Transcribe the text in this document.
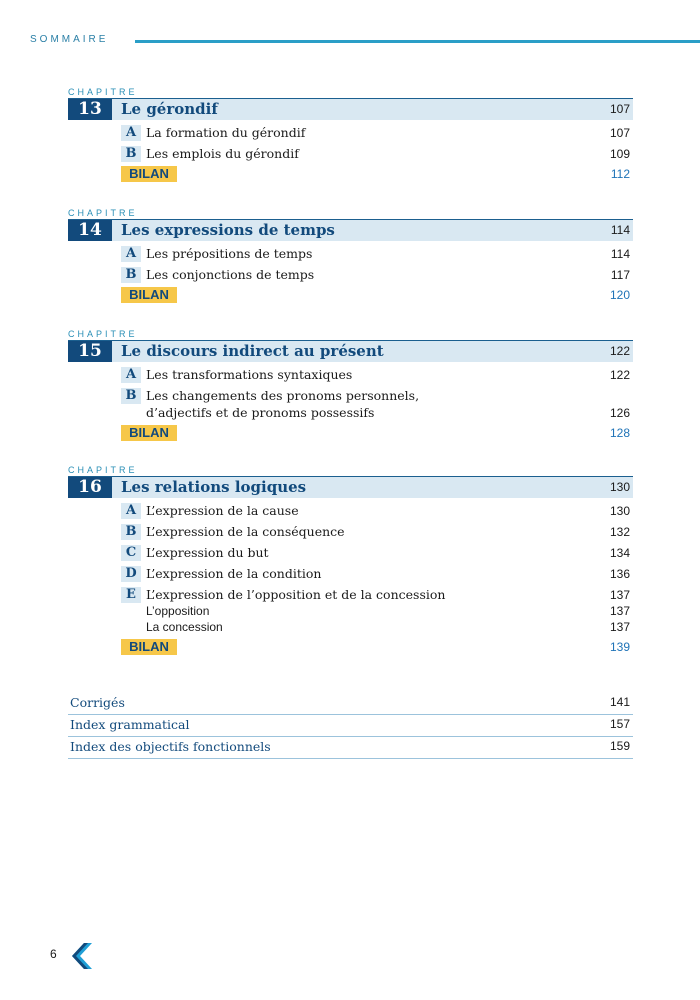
SOMMAIRE
CHAPITRE
13	Le gérondif	107
A La formation du gérondif	107
B Les emplois du gérondif	109
BILAN	112
CHAPITRE
14	Les expressions de temps	114
A Les prépositions de temps	114
B Les conjonctions de temps	117
BILAN	120
CHAPITRE
15	Le discours indirect au présent	122
A Les transformations syntaxiques	122
B Les changements des pronoms personnels,
d’adjectifs et de pronoms possessifs	126
BILAN	128
CHAPITRE
16	Les relations logiques	130
A L’expression de la cause	130
B L’expression de la conséquence	132
C L’expression du but	134
D L’expression de la condition	136
E L’expression de l’opposition et de la concession	137
L’opposition	137
La concession	137
BILAN	139
Corrigés	141
Index grammatical	157
Index des objectifs fonctionnels	159
6
